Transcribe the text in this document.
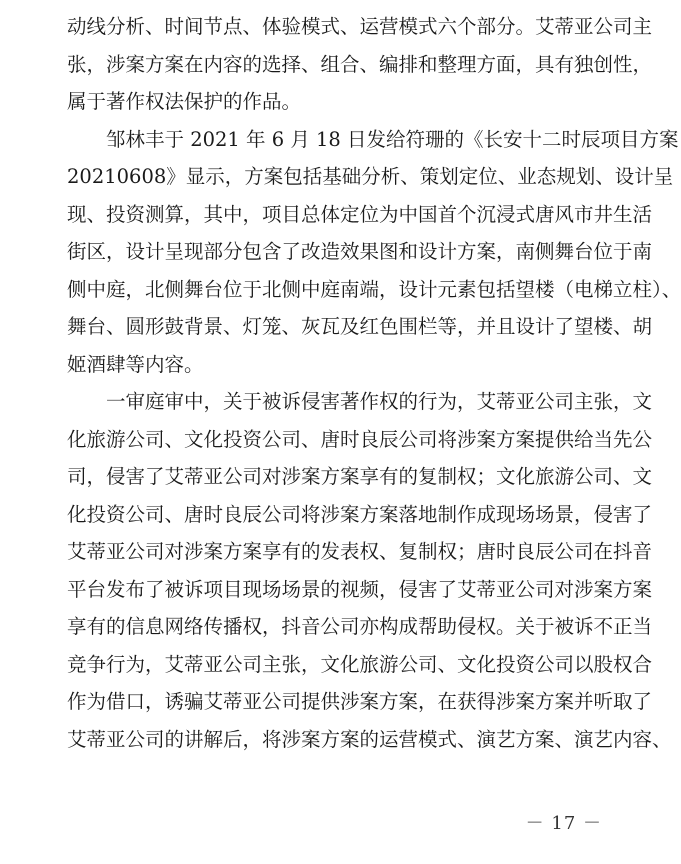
动线分析、时间节点、体验模式、运营模式六个部分。艾蒂亚公司主
张，涉案方案在内容的选择、组合、编排和整理方面，具有独创性，
属于著作权法保护的作品。
邹林丰于 2021 年 6 月 18 日发给符珊的《长安十二时辰项目方案
20210608》显示，方案包括基础分析、策划定位、业态规划、设计呈
现、投资测算，其中，项目总体定位为中国首个沉浸式唐风市井生活
街区，设计呈现部分包含了改造效果图和设计方案，南侧舞台位于南
侧中庭，北侧舞台位于北侧中庭南端，设计元素包括望楼（电梯立柱）、
舞台、圆形鼓背景、灯笼、灰瓦及红色围栏等，并且设计了望楼、胡
姬酒肆等内容。
一审庭审中，关于被诉侵害著作权的行为，艾蒂亚公司主张，文
化旅游公司、文化投资公司、唐时良辰公司将涉案方案提供给当先公
司，侵害了艾蒂亚公司对涉案方案享有的复制权；文化旅游公司、文
化投资公司、唐时良辰公司将涉案方案落地制作成现场场景，侵害了
艾蒂亚公司对涉案方案享有的发表权、复制权；唐时良辰公司在抖音
平台发布了被诉项目现场场景的视频，侵害了艾蒂亚公司对涉案方案
享有的信息网络传播权，抖音公司亦构成帮助侵权。关于被诉不正当
竞争行为，艾蒂亚公司主张，文化旅游公司、文化投资公司以股权合
作为借口，诱骗艾蒂亚公司提供涉案方案，在获得涉案方案并听取了
艾蒂亚公司的讲解后，将涉案方案的运营模式、演艺方案、演艺内容、
－ 17 －
